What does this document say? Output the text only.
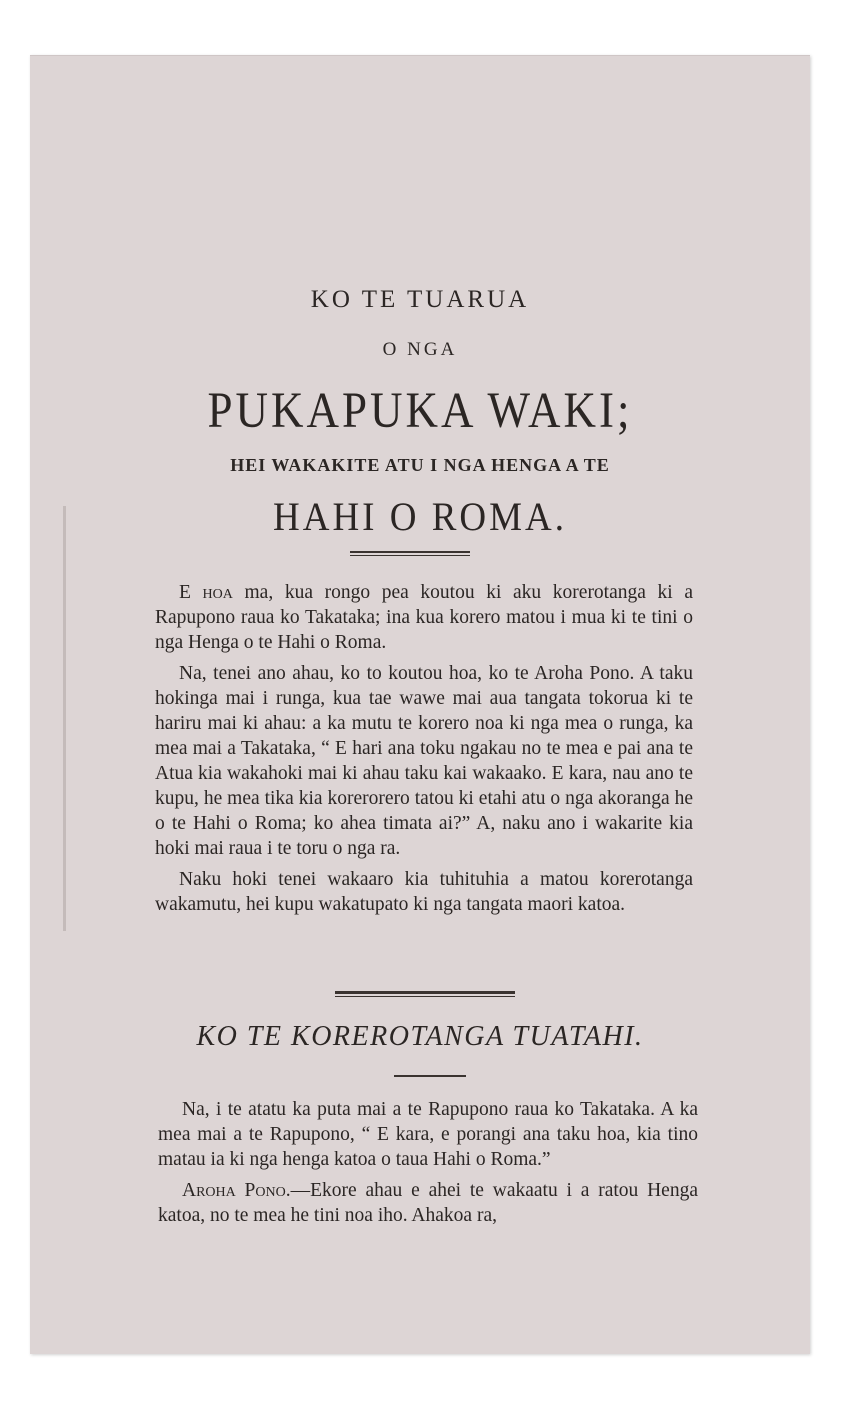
KO TE TUARUA
O NGA
PUKAPUKA WAKI;
HEI WAKAKITE ATU I NGA HENGA A TE
HAHI O ROMA.

E hoa ma, kua rongo pea koutou ki aku korerotanga ki a Rapupono raua ko Takataka; ina kua korero matou i mua ki te tini o nga Henga o te Hahi o Roma.

Na, tenei ano ahau, ko to koutou hoa, ko te Aroha Pono. A taku hokinga mai i runga, kua tae wawe mai aua tangata tokorua ki te hariru mai ki ahau: a ka mutu te korero noa ki nga mea o runga, ka mea mai a Takataka, “ E hari ana toku ngakau no te mea e pai ana te Atua kia wakahoki mai ki ahau taku kai wakaako. E kara, nau ano te kupu, he mea tika kia korerorero tatou ki etahi atu o nga akoranga he o te Hahi o Roma; ko ahea timata ai?” A, naku ano i wakarite kia hoki mai raua i te toru o nga ra.

Naku hoki tenei wakaaro kia tuhituhia a matou korerotanga wakamutu, hei kupu wakatupato ki nga tangata maori katoa.

KO TE KOREROTANGA TUATAHI.

Na, i te atatu ka puta mai a te Rapupono raua ko Takataka. A ka mea mai a te Rapupono, “ E kara, e porangi ana taku hoa, kia tino matau ia ki nga henga katoa o taua Hahi o Roma.”

Aroha Pono.—Ekore ahau e ahei te wakaatu i a ratou Henga katoa, no te mea he tini noa iho. Ahakoa ra,
